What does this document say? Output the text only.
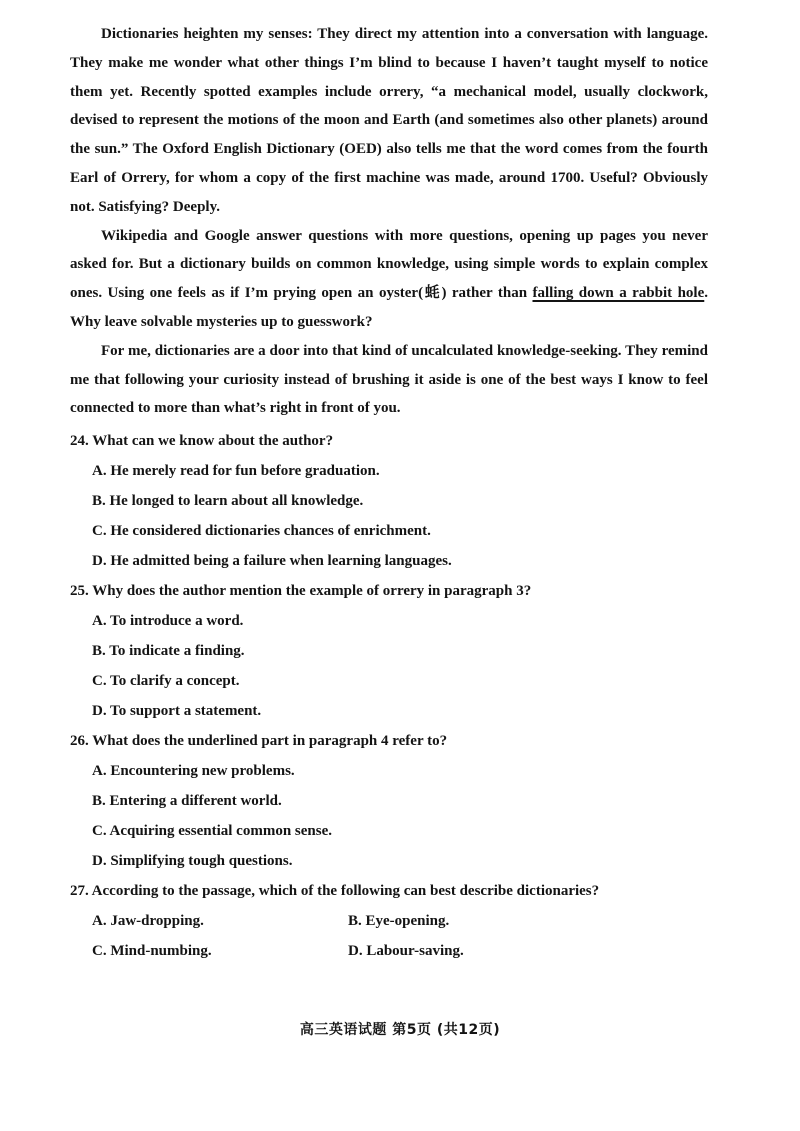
Dictionaries heighten my senses: They direct my attention into a conversation with language. They make me wonder what other things I’m blind to because I haven’t taught myself to notice them yet. Recently spotted examples include orrery, “a mechanical model, usually clockwork, devised to represent the motions of the moon and Earth (and sometimes also other planets) around the sun.” The Oxford English Dictionary (OED) also tells me that the word comes from the fourth Earl of Orrery, for whom a copy of the first machine was made, around 1700. Useful? Obviously not. Satisfying? Deeply.

Wikipedia and Google answer questions with more questions, opening up pages you never asked for. But a dictionary builds on common knowledge, using simple words to explain complex ones. Using one feels as if I’m prying open an oyster(蚝) rather than falling down a rabbit hole. Why leave solvable mysteries up to guesswork?

For me, dictionaries are a door into that kind of uncalculated knowledge-seeking. They remind me that following your curiosity instead of brushing it aside is one of the best ways I know to feel connected to more than what’s right in front of you.

24. What can we know about the author?
A. He merely read for fun before graduation.
B. He longed to learn about all knowledge.
C. He considered dictionaries chances of enrichment.
D. He admitted being a failure when learning languages.
25. Why does the author mention the example of orrery in paragraph 3?
A. To introduce a word.
B. To indicate a finding.
C. To clarify a concept.
D. To support a statement.
26. What does the underlined part in paragraph 4 refer to?
A. Encountering new problems.
B. Entering a different world.
C. Acquiring essential common sense.
D. Simplifying tough questions.
27. According to the passage, which of the following can best describe dictionaries?
A. Jaw-dropping.	B. Eye-opening.
C. Mind-numbing.	D. Labour-saving.
高三英语试题 第5页 (共12页)
